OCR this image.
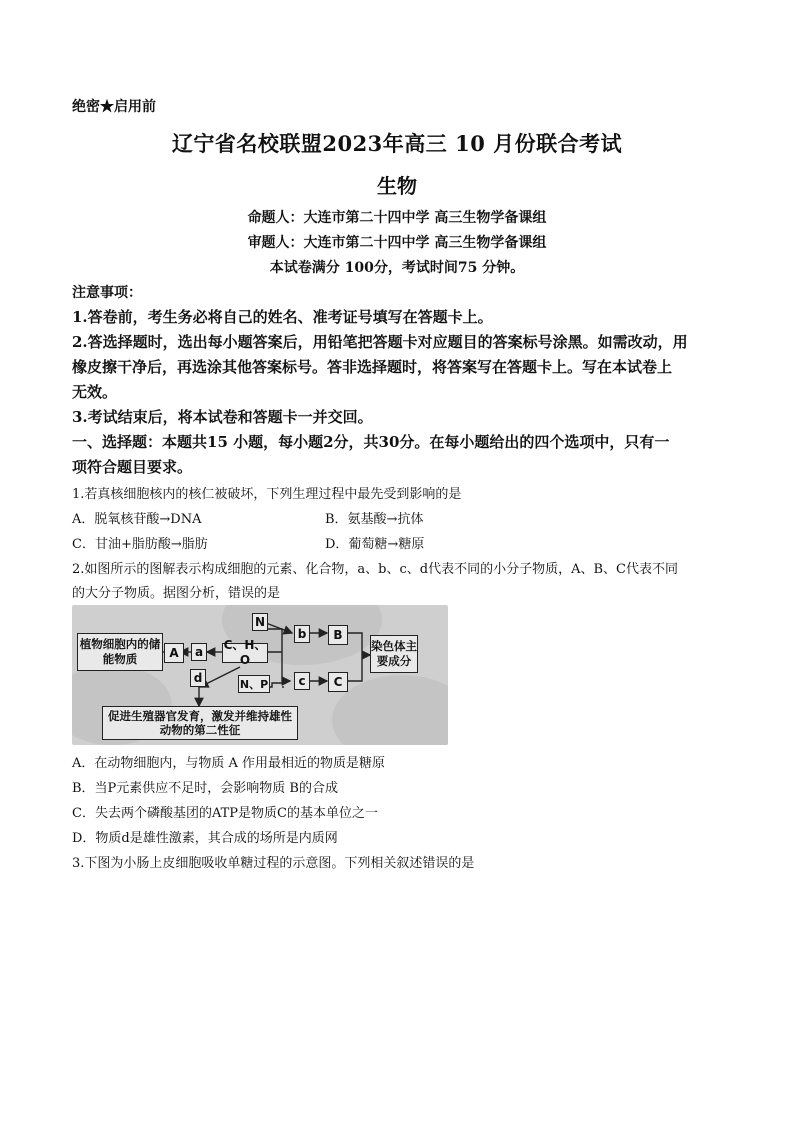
绝密★启用前
辽宁省名校联盟2023年高三 10 月份联合考试
生物
命题人：大连市第二十四中学 高三生物学备课组
审题人：大连市第二十四中学 高三生物学备课组
本试卷满分 100分，考试时间75 分钟。
注意事项：
1.答卷前，考生务必将自己的姓名、准考证号填写在答题卡上。
2.答选择题时，选出每小题答案后，用铅笔把答题卡对应题目的答案标号涂黑。如需改动，用
橡皮擦干净后，再选涂其他答案标号。答非选择题时，将答案写在答题卡上。写在本试卷上
无效。
3.考试结束后，将本试卷和答题卡一并交回。
一、选择题：本题共15 小题，每小题2分，共30分。在每小题给出的四个选项中，只有一
项符合题目要求。
1.若真核细胞核内的核仁被破坏，下列生理过程中最先受到影响的是
A．脱氧核苷酸→DNA	B．氨基酸→抗体
C．甘油+脂肪酸→脂肪	D．葡萄糖→糖原
2.如图所示的图解表示构成细胞的元素、化合物，a、b、c、d代表不同的小分子物质，A、B、C代表不同
的大分子物质。据图分析，错误的是
植物细胞内的储能物质	A	a	C、H、O
N
b	B
c	C
染色体主要成分
N、P
d
促进生殖器官发育，激发并维持雄性动物的第二性征
A．在动物细胞内，与物质 A 作用最相近的物质是糖原
B．当P元素供应不足时，会影响物质 B的合成
C．失去两个磷酸基团的ATP是物质C的基本单位之一
D．物质d是雄性激素，其合成的场所是内质网
3.下图为小肠上皮细胞吸收单糖过程的示意图。下列相关叙述错误的是
